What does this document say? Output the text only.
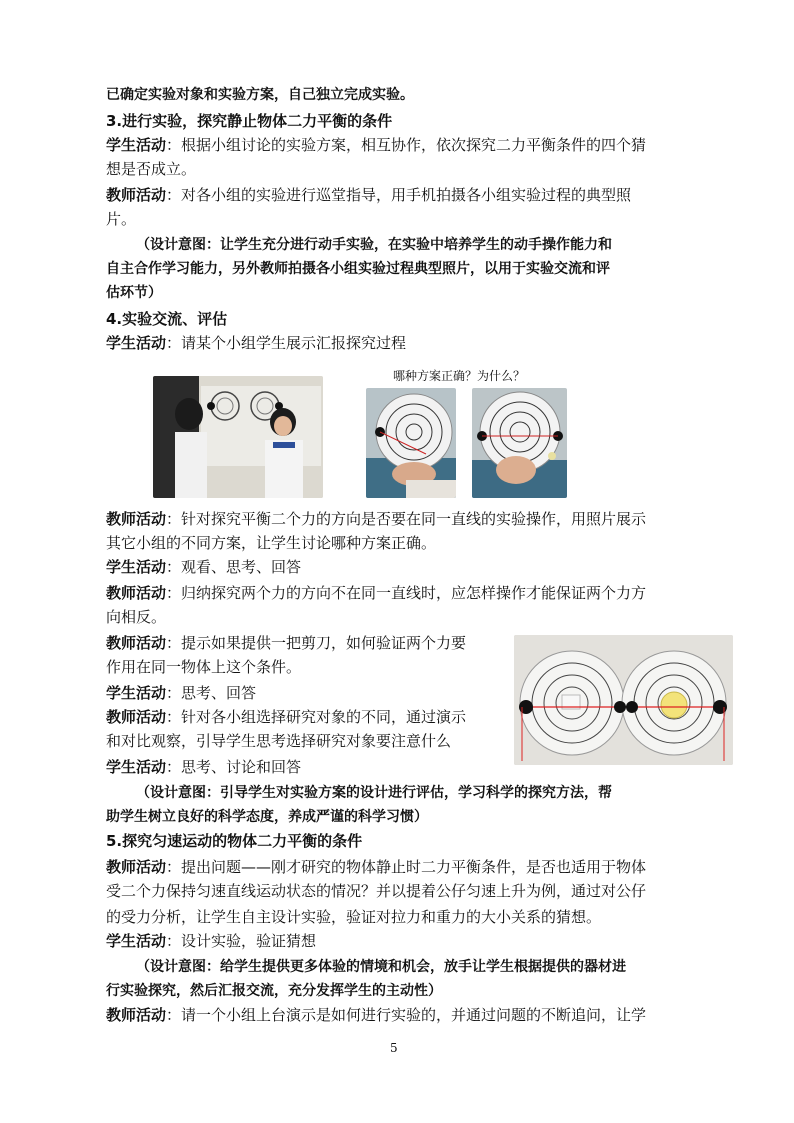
已确定实验对象和实验方案，自己独立完成实验。
3.进行实验，探究静止物体二力平衡的条件
学生活动：根据小组讨论的实验方案，相互协作，依次探究二力平衡条件的四个猜
想是否成立。
教师活动：对各小组的实验进行巡堂指导，用手机拍摄各小组实验过程的典型照
片。
（设计意图：让学生充分进行动手实验，在实验中培养学生的动手操作能力和
自主合作学习能力，另外教师拍摄各小组实验过程典型照片，以用于实验交流和评
估环节）
4.实验交流、评估
学生活动：请某个小组学生展示汇报探究过程
哪种方案正确？为什么？
教师活动：针对探究平衡二个力的方向是否要在同一直线的实验操作，用照片展示
其它小组的不同方案，让学生讨论哪种方案正确。
学生活动：观看、思考、回答
教师活动：归纳探究两个力的方向不在同一直线时，应怎样操作才能保证两个力方
向相反。
教师活动：提示如果提供一把剪刀，如何验证两个力要
作用在同一物体上这个条件。
学生活动：思考、回答
教师活动：针对各小组选择研究对象的不同，通过演示
和对比观察，引导学生思考选择研究对象要注意什么
学生活动：思考、讨论和回答
（设计意图：引导学生对实验方案的设计进行评估，学习科学的探究方法，帮
助学生树立良好的科学态度，养成严谨的科学习惯）
5.探究匀速运动的物体二力平衡的条件
教师活动：提出问题——刚才研究的物体静止时二力平衡条件，是否也适用于物体
受二个力保持匀速直线运动状态的情况？并以提着公仔匀速上升为例，通过对公仔
的受力分析，让学生自主设计实验，验证对拉力和重力的大小关系的猜想。
学生活动：设计实验，验证猜想
（设计意图：给学生提供更多体验的情境和机会，放手让学生根据提供的器材进
行实验探究，然后汇报交流，充分发挥学生的主动性）
教师活动：请一个小组上台演示是如何进行实验的，并通过问题的不断追问，让学
5
